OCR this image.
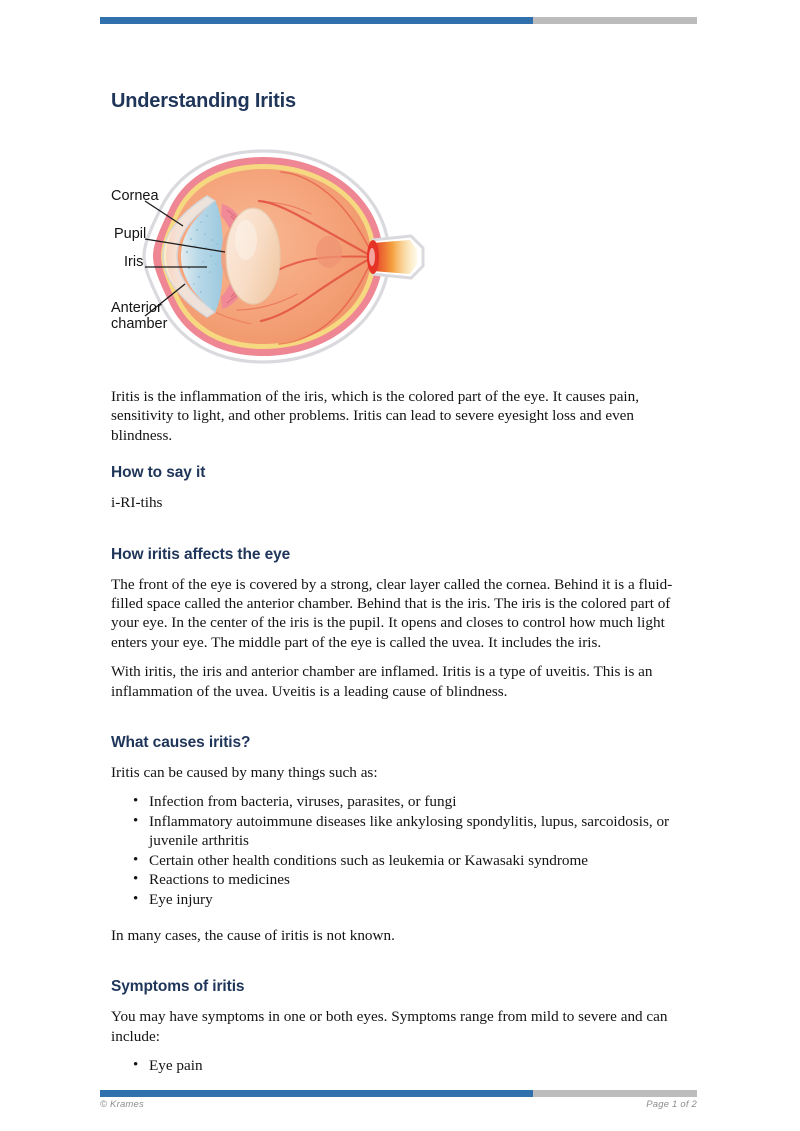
Understanding Iritis
Cornea
Pupil
Iris
Anterior
chamber

Iritis is the inflammation of the iris, which is the colored part of the eye. It causes pain, sensitivity to light, and other problems. Iritis can lead to severe eyesight loss and even blindness.

How to say it

i-RI-tihs

How iritis affects the eye

The front of the eye is covered by a strong, clear layer called the cornea. Behind it is a fluid-filled space called the anterior chamber. Behind that is the iris. The iris is the colored part of your eye. In the center of the iris is the pupil. It opens and closes to control how much light enters your eye. The middle part of the eye is called the uvea. It includes the iris.

With iritis, the iris and anterior chamber are inflamed. Iritis is a type of uveitis. This is an inflammation of the uvea. Uveitis is a leading cause of blindness.

What causes iritis?

Iritis can be caused by many things such as:

• Infection from bacteria, viruses, parasites, or fungi
• Inflammatory autoimmune diseases like ankylosing spondylitis, lupus, sarcoidosis, or juvenile arthritis
• Certain other health conditions such as leukemia or Kawasaki syndrome
• Reactions to medicines
• Eye injury

In many cases, the cause of iritis is not known.

Symptoms of iritis

You may have symptoms in one or both eyes. Symptoms range from mild to severe and can include:

• Eye pain
© Krames	Page 1 of 2
